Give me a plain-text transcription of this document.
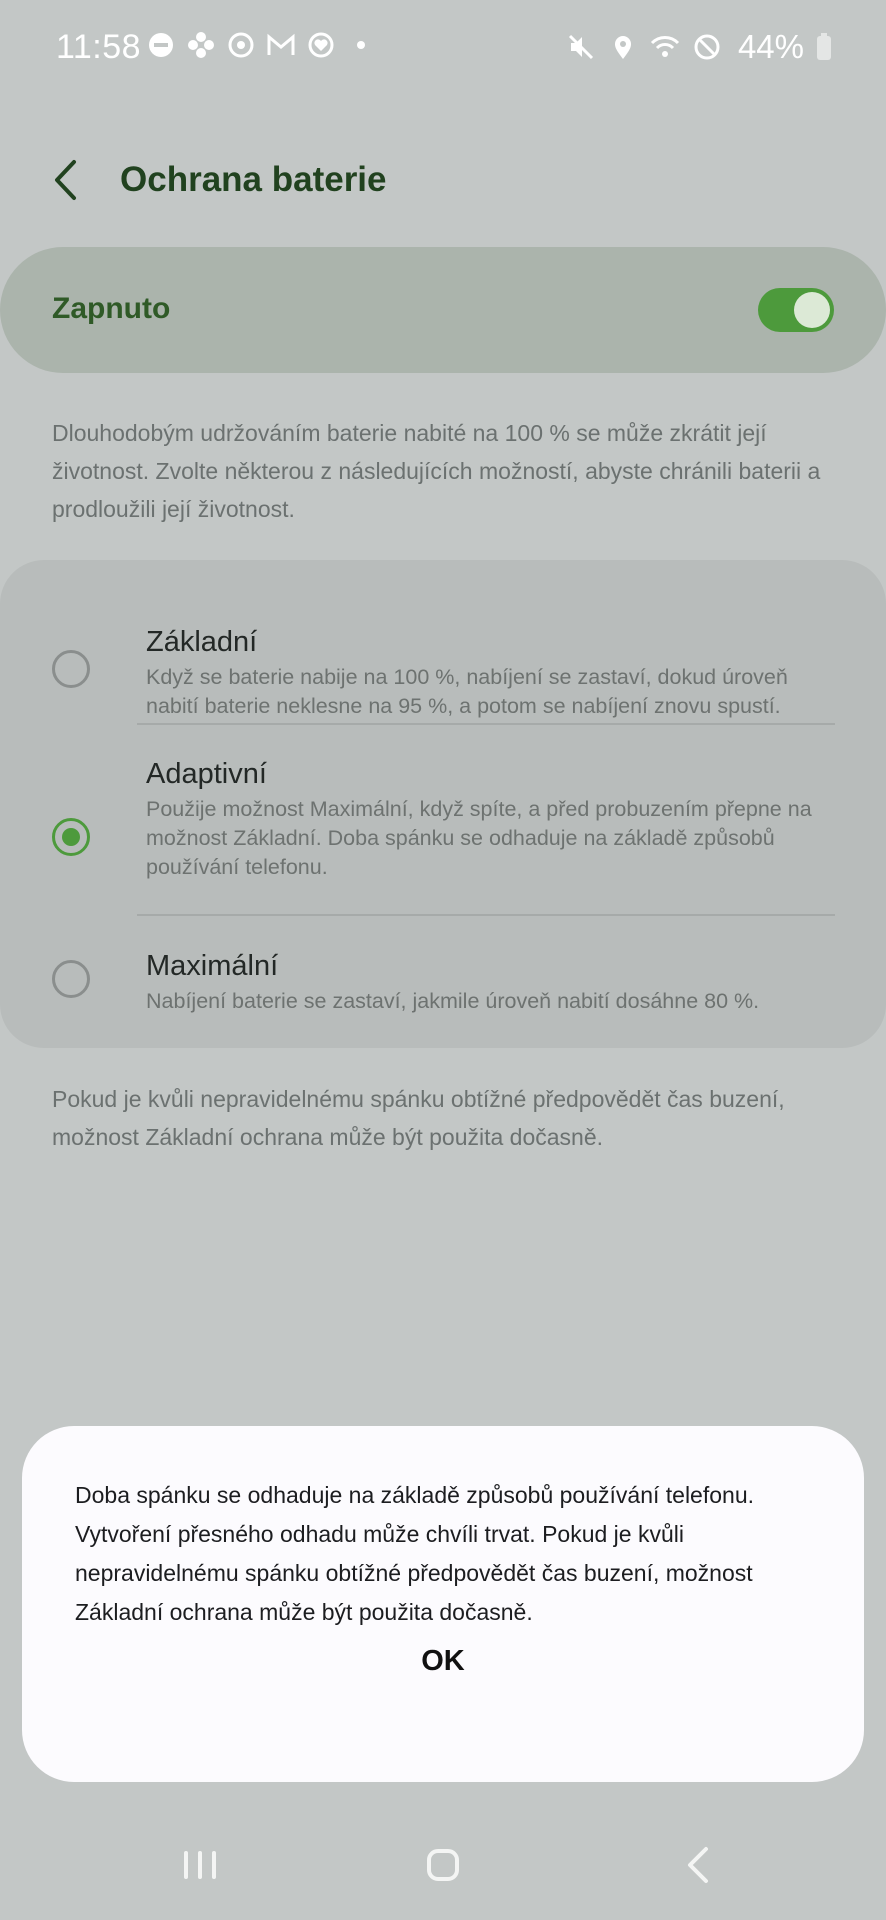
11:58	44%
Ochrana baterie
Zapnuto
Dlouhodobým udržováním baterie nabité na 100 % se může zkrátit její životnost. Zvolte některou z následujících možností, abyste chránili baterii a prodloužili její životnost.
Základní
Když se baterie nabije na 100 %, nabíjení se zastaví, dokud úroveň nabití baterie neklesne na 95 %, a potom se nabíjení znovu spustí.
Adaptivní
Použije možnost Maximální, když spíte, a před probuzením přepne na možnost Základní. Doba spánku se odhaduje na základě způsobů používání telefonu.
Maximální
Nabíjení baterie se zastaví, jakmile úroveň nabití dosáhne 80 %.
Pokud je kvůli nepravidelnému spánku obtížné předpovědět čas buzení, možnost Základní ochrana může být použita dočasně.
Doba spánku se odhaduje na základě způsobů používání telefonu. Vytvoření přesného odhadu může chvíli trvat. Pokud je kvůli nepravidelnému spánku obtížné předpovědět čas buzení, možnost Základní ochrana může být použita dočasně.
OK
